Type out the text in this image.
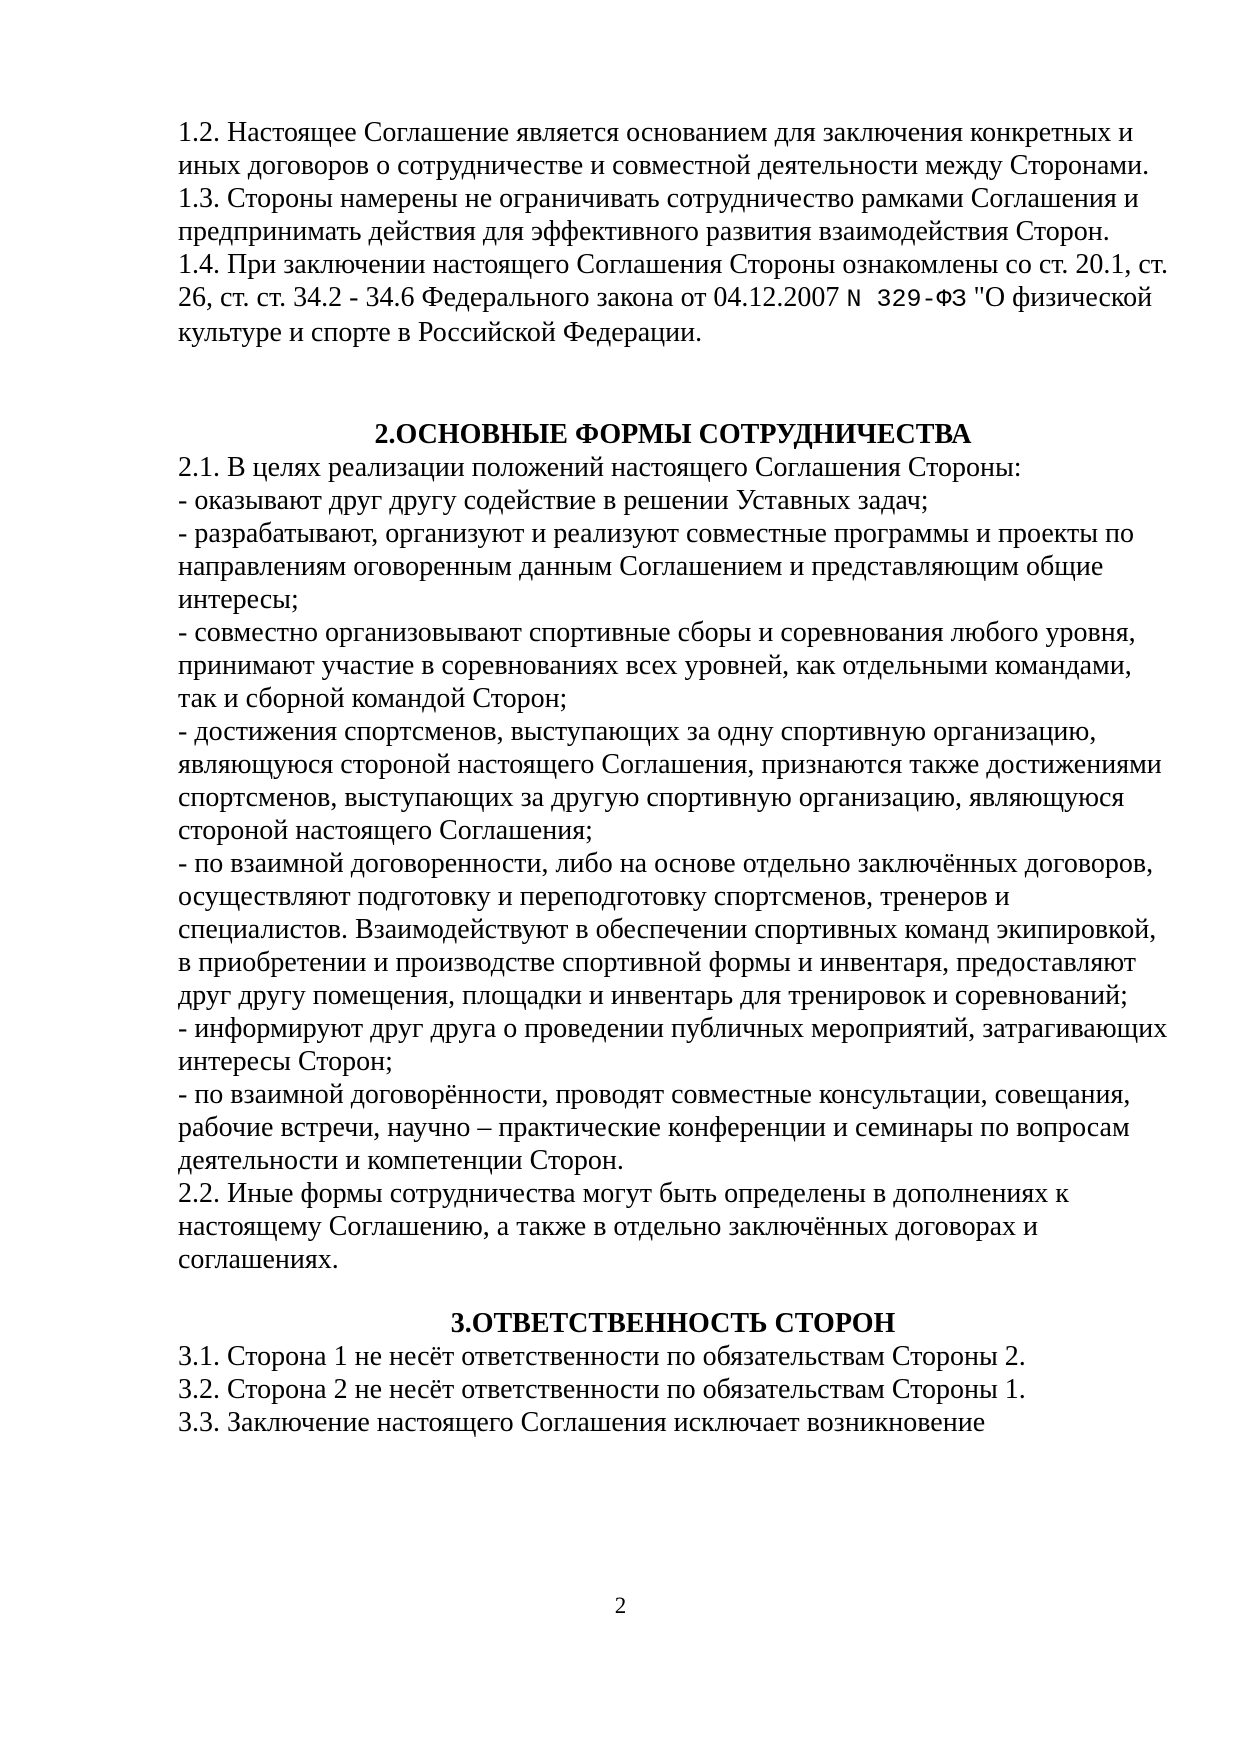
1.2. Настоящее Соглашение является основанием для заключения конкретных и иных договоров о сотрудничестве и совместной деятельности между Сторонами.

1.3. Стороны намерены не ограничивать сотрудничество рамками Соглашения и предпринимать действия для эффективного развития взаимодействия Сторон.

1.4. При заключении настоящего Соглашения Стороны ознакомлены со ст. 20.1, ст. 26, ст. ст. 34.2 - 34.6 Федерального закона от 04.12.2007 N 329-ФЗ "О физической культуре и спорте в Российской Федерации.

2.ОСНОВНЫЕ ФОРМЫ СОТРУДНИЧЕСТВА

2.1. В целях реализации положений настоящего Соглашения Стороны:

- оказывают друг другу содействие в решении Уставных задач;

- разрабатывают, организуют и реализуют совместные программы и проекты по направлениям оговоренным данным Соглашением и представляющим общие интересы;

- совместно организовывают спортивные сборы и соревнования любого уровня, принимают участие в соревнованиях всех уровней, как отдельными командами, так и сборной командой Сторон;

- достижения спортсменов, выступающих за одну спортивную организацию, являющуюся стороной настоящего Соглашения, признаются также достижениями спортсменов, выступающих за другую спортивную организацию, являющуюся стороной настоящего Соглашения;

- по взаимной договоренности, либо на основе отдельно заключённых договоров, осуществляют подготовку и переподготовку спортсменов, тренеров и специалистов. Взаимодействуют в обеспечении спортивных команд экипировкой, в приобретении и производстве спортивной формы и инвентаря, предоставляют друг другу помещения, площадки и инвентарь для тренировок и соревнований;

- информируют друг друга о проведении публичных мероприятий, затрагивающих интересы Сторон;

- по взаимной договорённости, проводят совместные консультации, совещания, рабочие встречи, научно – практические конференции и семинары по вопросам деятельности и компетенции Сторон.

2.2. Иные формы сотрудничества могут быть определены в дополнениях к настоящему Соглашению, а также в отдельно заключённых договорах и соглашениях.

3.ОТВЕТСТВЕННОСТЬ СТОРОН

3.1. Сторона 1 не несёт ответственности по обязательствам Стороны 2.

3.2. Сторона 2 не несёт ответственности по обязательствам Стороны 1.

3.3. Заключение настоящего Соглашения исключает возникновение

2
